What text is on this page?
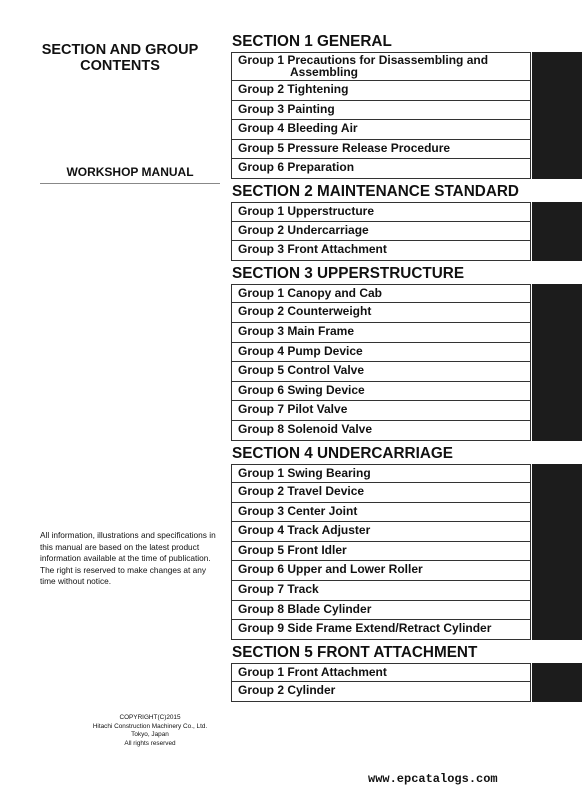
SECTION AND GROUP CONTENTS
WORKSHOP MANUAL
All information, illustrations and specifications in this manual are based on the latest product information available at the time of publication. The right is reserved to make changes at any time without notice.
COPYRIGHT(C)2015
Hitachi Construction Machinery Co., Ltd.
Tokyo, Japan
All rights reserved
www.epcatalogs.com
SECTION 1 GENERAL
Group 1 Precautions for Disassembling and
Assembling
Group 2 Tightening
Group 3 Painting
Group 4 Bleeding Air
Group 5 Pressure Release Procedure
Group 6 Preparation
SECTION 2 MAINTENANCE STANDARD
Group 1 Upperstructure
Group 2 Undercarriage
Group 3 Front Attachment
SECTION 3 UPPERSTRUCTURE
Group 1 Canopy and Cab
Group 2 Counterweight
Group 3 Main Frame
Group 4 Pump Device
Group 5 Control Valve
Group 6 Swing Device
Group 7 Pilot Valve
Group 8 Solenoid Valve
SECTION 4 UNDERCARRIAGE
Group 1 Swing Bearing
Group 2 Travel Device
Group 3 Center Joint
Group 4 Track Adjuster
Group 5 Front Idler
Group 6 Upper and Lower Roller
Group 7 Track
Group 8 Blade Cylinder
Group 9 Side Frame Extend/Retract Cylinder
SECTION 5 FRONT ATTACHMENT
Group 1 Front Attachment
Group 2 Cylinder
